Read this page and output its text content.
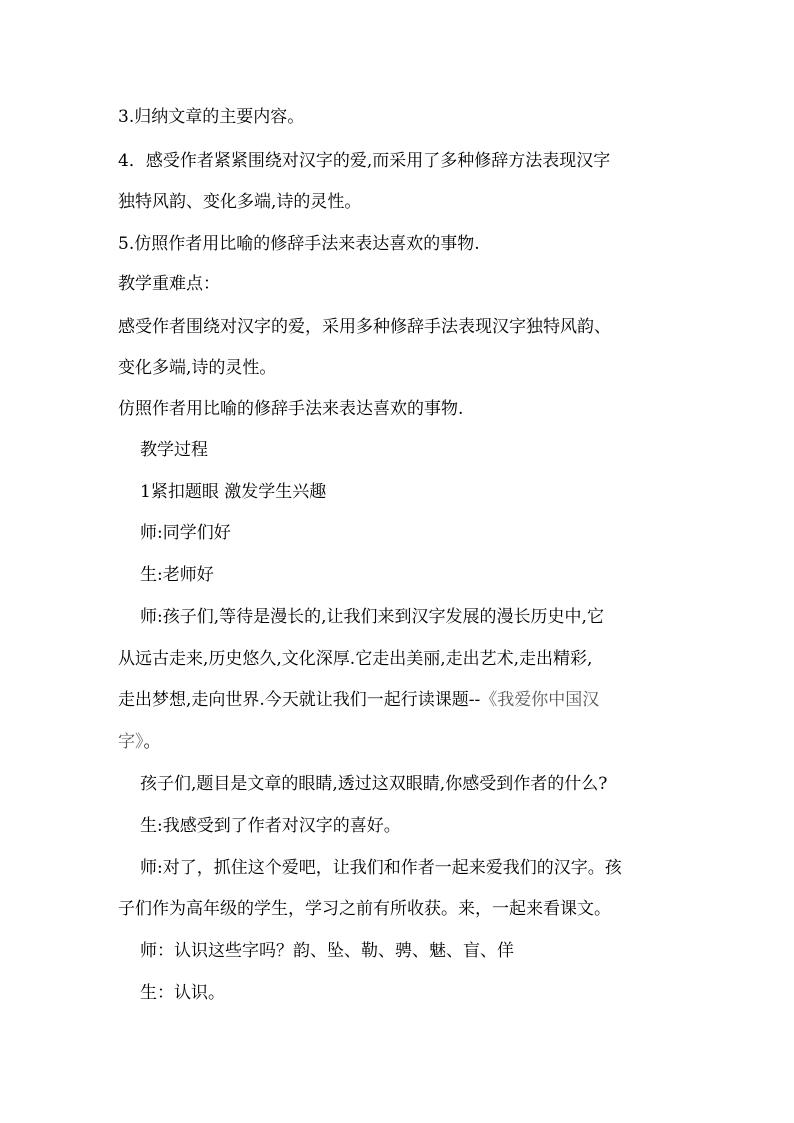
3.归纳文章的主要内容。
4．感受作者紧紧围绕对汉字的爱,而采用了多种修辞方法表现汉字
独特风韵、变化多端,诗的灵性。
5.仿照作者用比喻的修辞手法来表达喜欢的事物.
教学重难点：
感受作者围绕对汉字的爱，采用多种修辞手法表现汉字独特风韵、
变化多端,诗的灵性。
仿照作者用比喻的修辞手法来表达喜欢的事物.
教学过程
1紧扣题眼 激发学生兴趣
师:同学们好
生:老师好
师:孩子们,等待是漫长的,让我们来到汉字发展的漫长历史中,它
从远古走来,历史悠久,文化深厚.它走出美丽,走出艺术,走出精彩,
走出梦想,走向世界.今天就让我们一起行读课题--《我爱你中国汉
字》。
孩子们,题目是文章的眼睛,透过这双眼睛,你感受到作者的什么?
生:我感受到了作者对汉字的喜好。
师:对了，抓住这个爱吧，让我们和作者一起来爱我们的汉字。孩
子们作为高年级的学生，学习之前有所收获。来，一起来看课文。
师：认识这些字吗？韵、坠、勒、骋、魅、盲、佯
生：认识。
